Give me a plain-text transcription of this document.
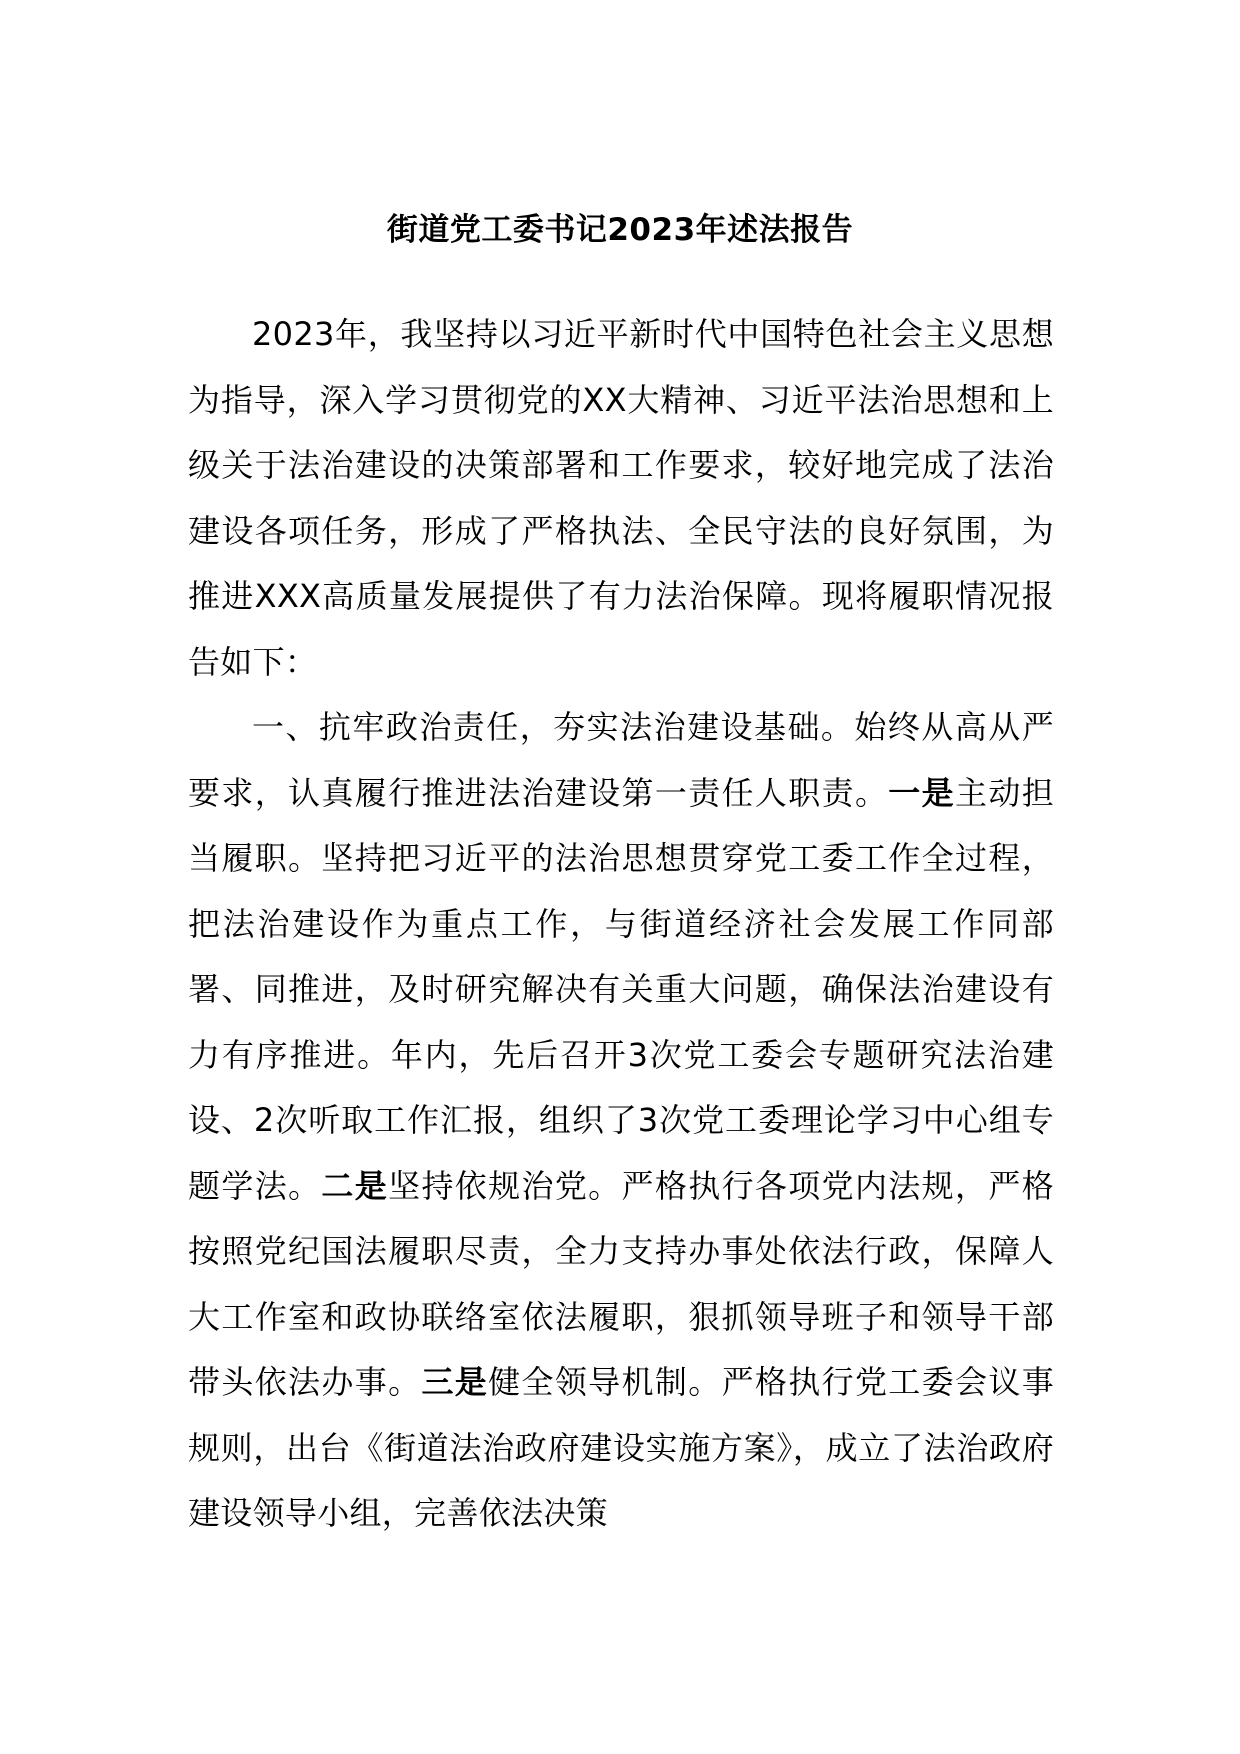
街道党工委书记2023年述法报告

2023年，我坚持以习近平新时代中国特色社会主义思想为指导，深入学习贯彻党的XX大精神、习近平法治思想和上级关于法治建设的决策部署和工作要求，较好地完成了法治建设各项任务，形成了严格执法、全民守法的良好氛围，为推进XXX高质量发展提供了有力法治保障。现将履职情况报告如下：

一、抗牢政治责任，夯实法治建设基础。始终从高从严要求，认真履行推进法治建设第一责任人职责。一是主动担当履职。坚持把习近平的法治思想贯穿党工委工作全过程，把法治建设作为重点工作，与街道经济社会发展工作同部署、同推进，及时研究解决有关重大问题，确保法治建设有力有序推进。年内，先后召开3次党工委会专题研究法治建设、2次听取工作汇报，组织了3次党工委理论学习中心组专题学法。二是坚持依规治党。严格执行各项党内法规，严格按照党纪国法履职尽责，全力支持办事处依法行政，保障人大工作室和政协联络室依法履职，狠抓领导班子和领导干部带头依法办事。三是健全领导机制。严格执行党工委会议事规则，出台《街道法治政府建设实施方案》，成立了法治政府建设领导小组，完善依法决策
